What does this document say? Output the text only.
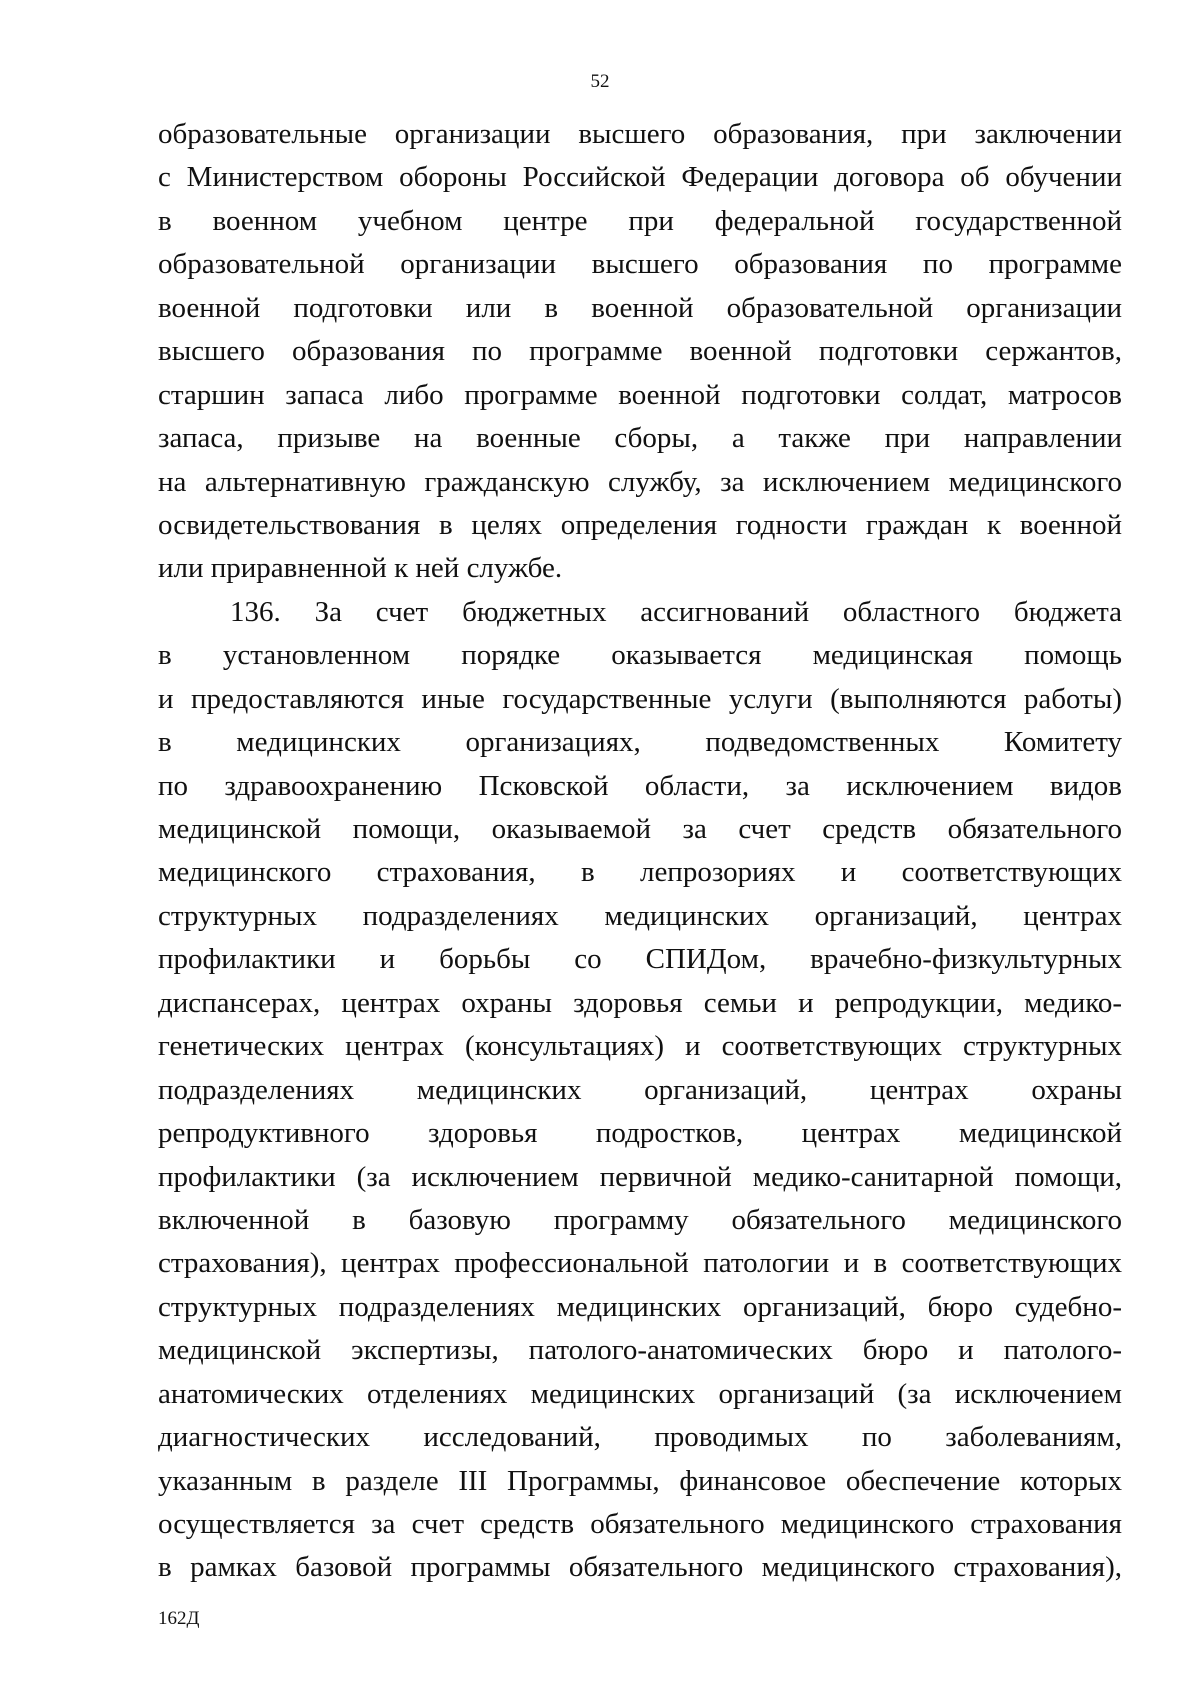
52
образовательные организации высшего образования, при заключении
с Министерством обороны Российской Федерации договора об обучении
в военном учебном центре при федеральной государственной
образовательной организации высшего образования по программе
военной подготовки или в военной образовательной организации
высшего образования по программе военной подготовки сержантов,
старшин запаса либо программе военной подготовки солдат, матросов
запаса, призыве на военные сборы, а также при направлении
на альтернативную гражданскую службу, за исключением медицинского
освидетельствования в целях определения годности граждан к военной
или приравненной к ней службе.
136. За счет бюджетных ассигнований областного бюджета
в установленном порядке оказывается медицинская помощь
и предоставляются иные государственные услуги (выполняются работы)
в медицинских организациях, подведомственных Комитету
по здравоохранению Псковской области, за исключением видов
медицинской помощи, оказываемой за счет средств обязательного
медицинского страхования, в лепрозориях и соответствующих
структурных подразделениях медицинских организаций, центрах
профилактики и борьбы со СПИДом, врачебно-физкультурных
диспансерах, центрах охраны здоровья семьи и репродукции, медико-
генетических центрах (консультациях) и соответствующих структурных
подразделениях медицинских организаций, центрах охраны
репродуктивного здоровья подростков, центрах медицинской
профилактики (за исключением первичной медико-санитарной помощи,
включенной в базовую программу обязательного медицинского
страхования), центрах профессиональной патологии и в соответствующих
структурных подразделениях медицинских организаций, бюро судебно-
медицинской экспертизы, патолого-анатомических бюро и патолого-
анатомических отделениях медицинских организаций (за исключением
диагностических исследований, проводимых по заболеваниям,
указанным в разделе III Программы, финансовое обеспечение которых
осуществляется за счет средств обязательного медицинского страхования
в рамках базовой программы обязательного медицинского страхования),
162Д
